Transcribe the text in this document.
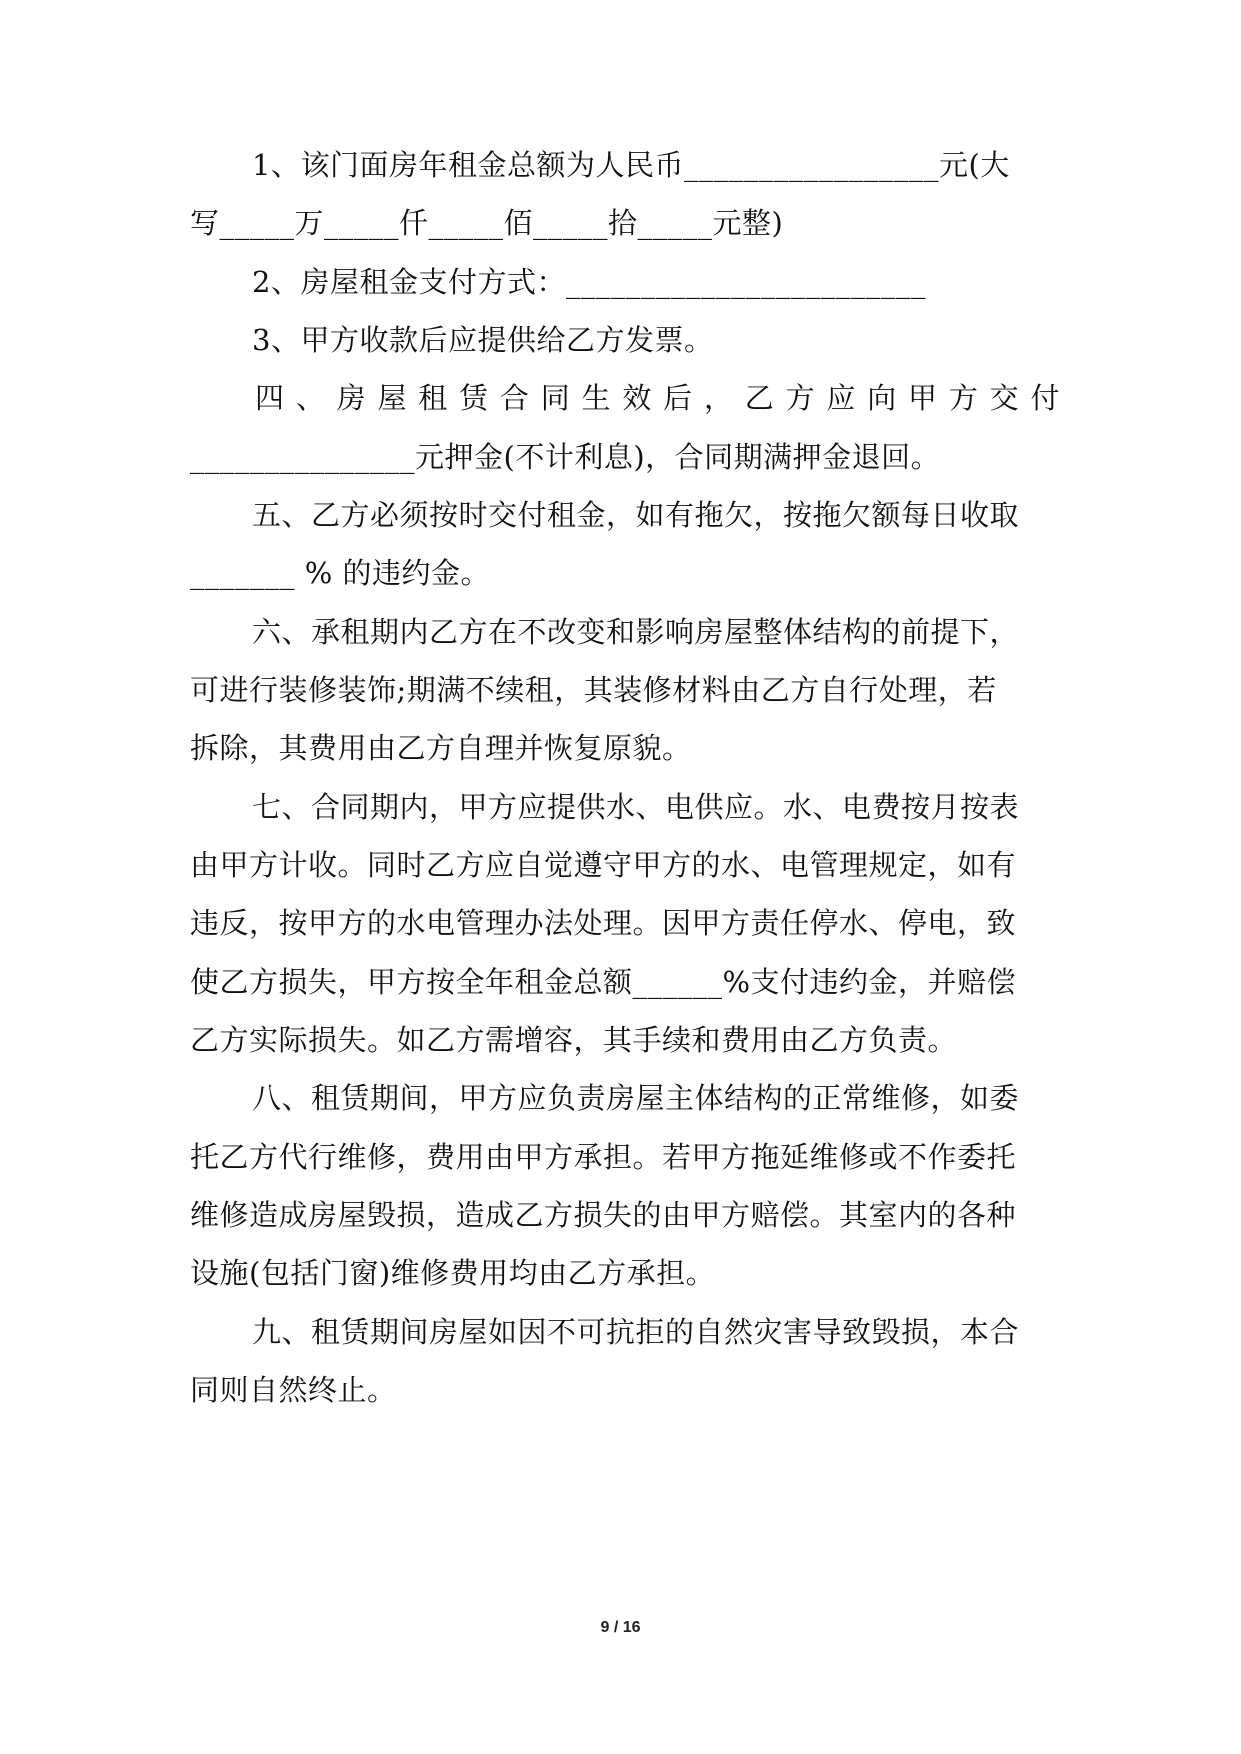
1、该门面房年租金总额为人民币_________________元(大
写_____万_____仟_____佰_____拾_____元整)
2、房屋租金支付方式：________________________
3、甲方收款后应提供给乙方发票。
四、房屋租赁合同生效后，乙方应向甲方交付
_______________元押金(不计利息)，合同期满押金退回。
五、乙方必须按时交付租金，如有拖欠，按拖欠额每日收取
_______ % 的违约金。
六、承租期内乙方在不改变和影响房屋整体结构的前提下，
可进行装修装饰;期满不续租，其装修材料由乙方自行处理，若
拆除，其费用由乙方自理并恢复原貌。
七、合同期内，甲方应提供水、电供应。水、电费按月按表
由甲方计收。同时乙方应自觉遵守甲方的水、电管理规定，如有
违反，按甲方的水电管理办法处理。因甲方责任停水、停电，致
使乙方损失，甲方按全年租金总额______%支付违约金，并赔偿
乙方实际损失。如乙方需增容，其手续和费用由乙方负责。
八、租赁期间，甲方应负责房屋主体结构的正常维修，如委
托乙方代行维修，费用由甲方承担。若甲方拖延维修或不作委托
维修造成房屋毁损，造成乙方损失的由甲方赔偿。其室内的各种
设施(包括门窗)维修费用均由乙方承担。
九、租赁期间房屋如因不可抗拒的自然灾害导致毁损，本合
同则自然终止。
9 / 16
